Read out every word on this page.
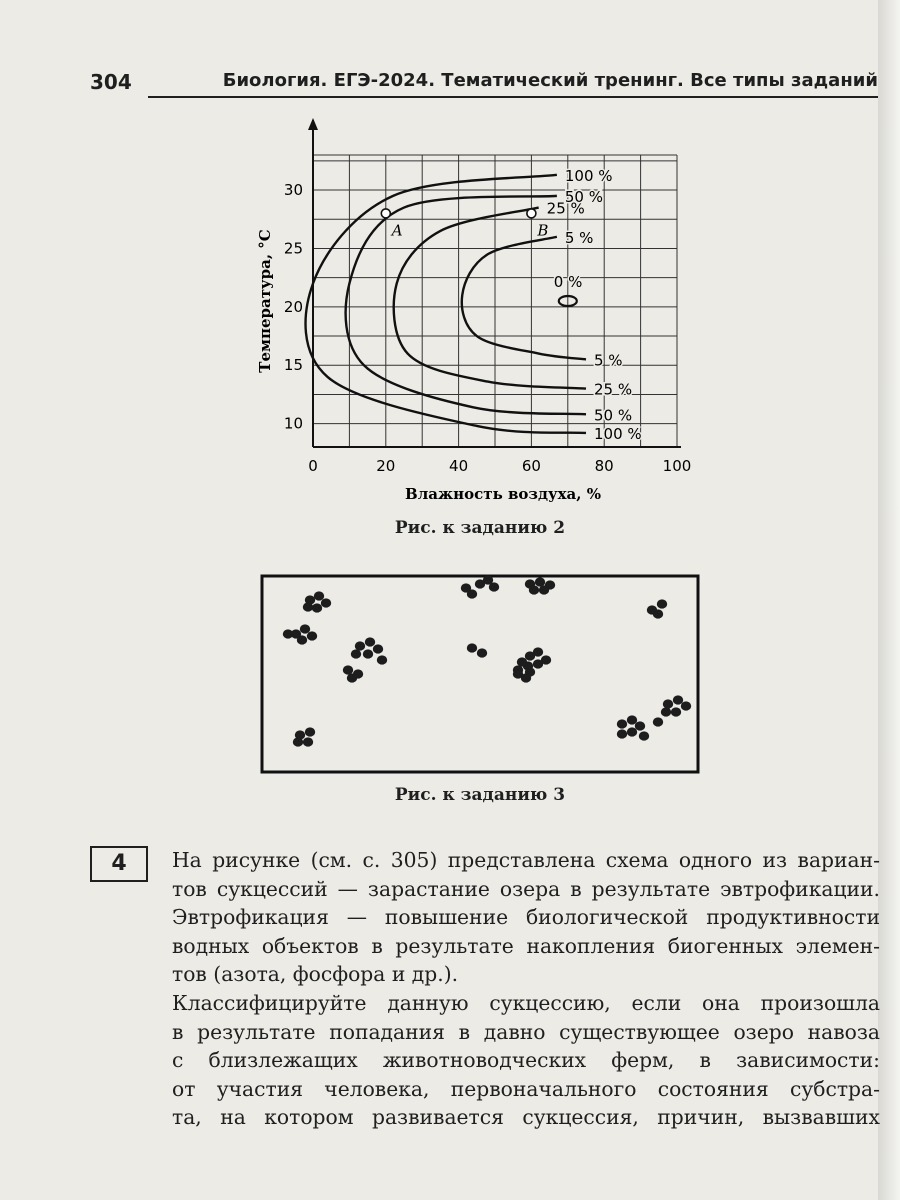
304	Биология. ЕГЭ-2024. Тематический тренинг. Все типы заданий
0	20	40	60	80	100
10
15
20
25
30
Влажность воздуха, %
Температура, °С	5 %
5 %
25 %
25 %
50 %
50 %
100 %
100 %
0 %
A	B
Рис. к заданию 2
Рис. к заданию 3
4	На рисунке (см. с. 305) представлена схема одного из вариан-

тов сукцессий — зарастание озера в результате эвтрофикации.

Эвтрофикация — повышение биологической продуктивности

водных объектов в результате накопления биогенных элемен-

тов (азота, фосфора и др.).

Классифицируйте данную сукцессию, если она произошла

в результате попадания в давно существующее озеро навоза

с близлежащих животноводческих ферм, в зависимости:

от участия человека, первоначального состояния субстра-

та, на котором развивается сукцессия, причин, вызвавших
